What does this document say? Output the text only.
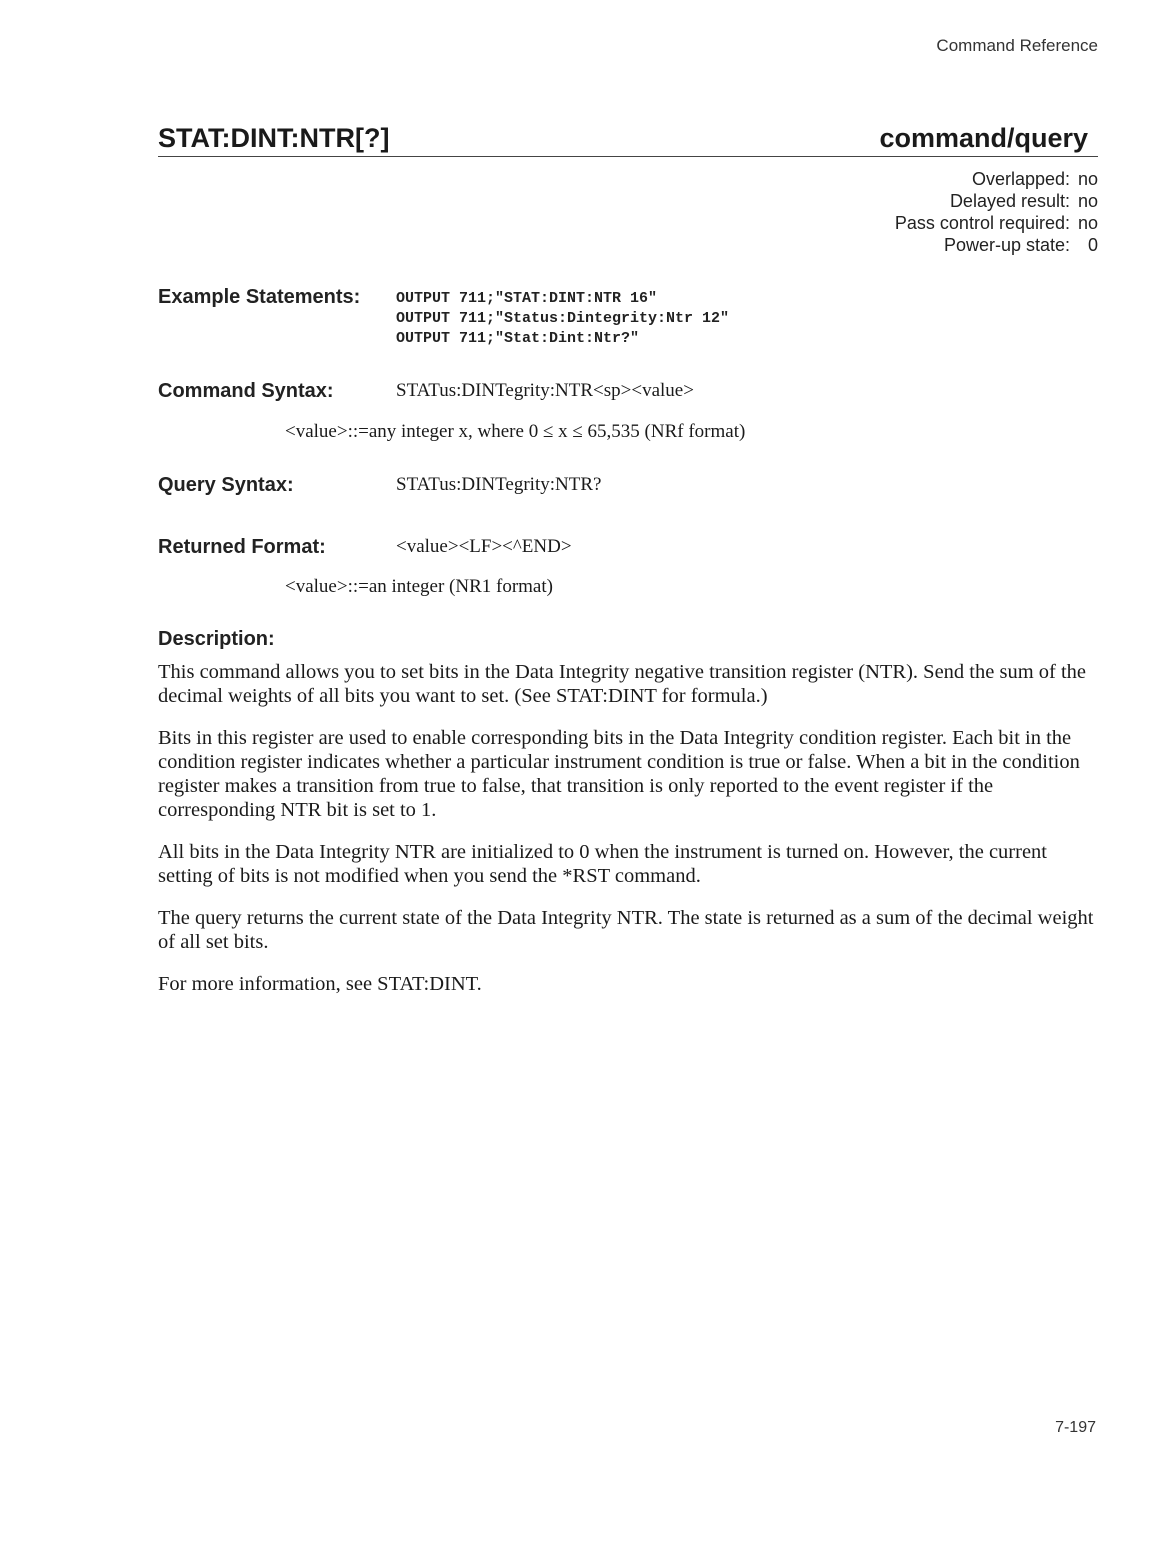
Command Reference
STAT:DINT:NTR[?]	command/query
Overlapped: no
Delayed result: no
Pass control required: no
Power-up state: 0
Example Statements: OUTPUT 711;"STAT:DINT:NTR 16"
OUTPUT 711;"Status:Dintegrity:Ntr 12"
OUTPUT 711;"Stat:Dint:Ntr?"
Command Syntax:	STATus:DINTegrity:NTR<sp><value>
<value>::=any integer x, where 0 ≤ x ≤ 65,535 (NRf format)
Query Syntax:	STATus:DINTegrity:NTR?
Returned Format:	<value><LF><^END>
<value>::=an integer (NR1 format)
Description:

This command allows you to set bits in the Data Integrity negative transition register (NTR). Send the sum of the decimal weights of all bits you want to set. (See STAT:DINT for formula.)

Bits in this register are used to enable corresponding bits in the Data Integrity condition register. Each bit in the condition register indicates whether a particular instrument condition is true or false. When a bit in the condition register makes a transition from true to false, that transition is only reported to the event register if the corresponding NTR bit is set to 1.

All bits in the Data Integrity NTR are initialized to 0 when the instrument is turned on. However, the current setting of bits is not modified when you send the *RST command.

The query returns the current state of the Data Integrity NTR. The state is returned as a sum of the decimal weight of all set bits.

For more information, see STAT:DINT.

7-197
